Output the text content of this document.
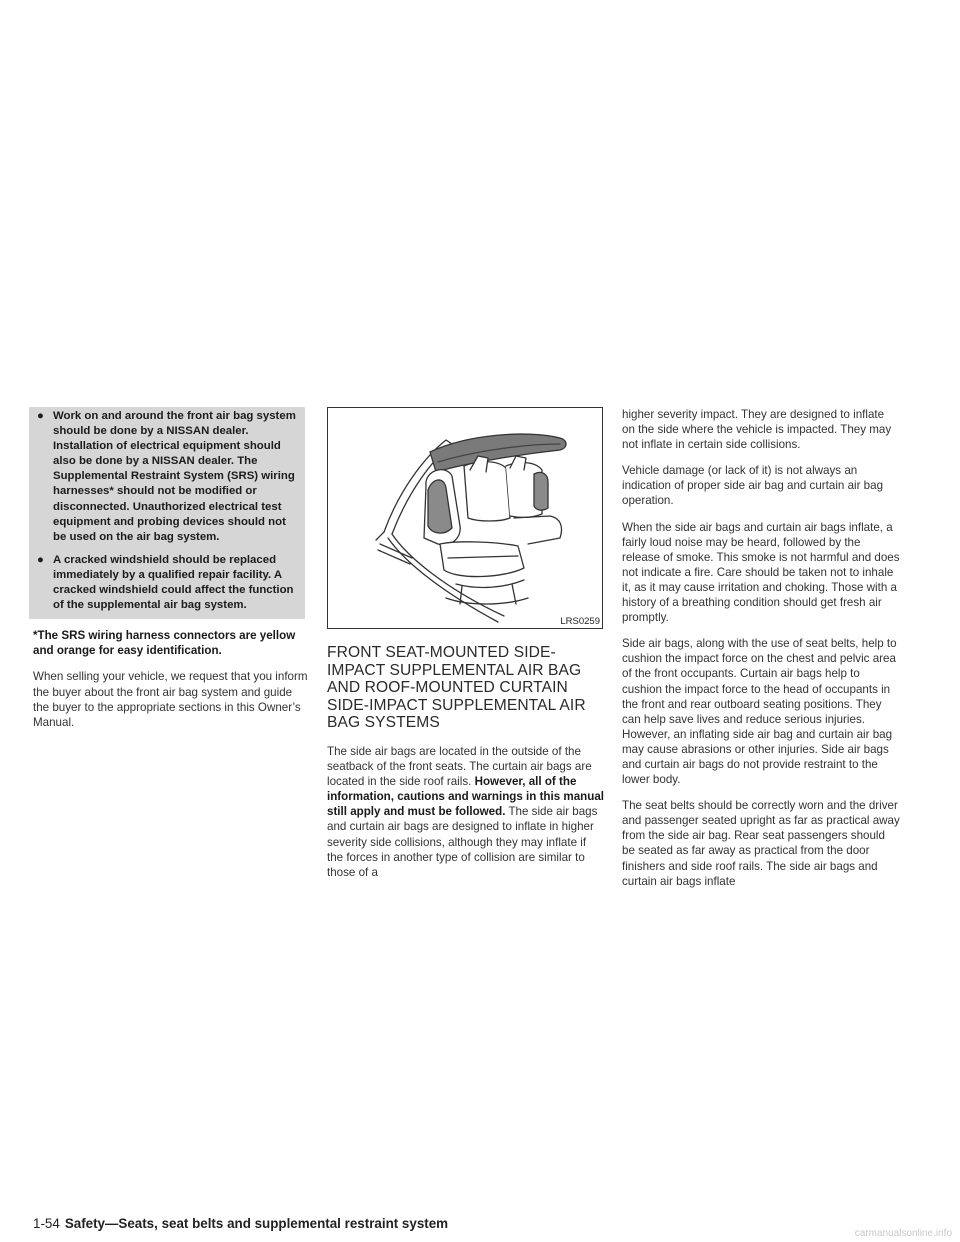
● Work on and around the front air bag system should be done by a NISSAN dealer. Installation of electrical equipment should also be done by a NISSAN dealer. The Supplemental Restraint System (SRS) wiring harnesses* should not be modified or disconnected. Unauthorized electrical test equipment and probing devices should not be used on the air bag system.
● A cracked windshield should be replaced immediately by a qualified repair facility. A cracked windshield could affect the function of the supplemental air bag system.

*The SRS wiring harness connectors are yellow and orange for easy identification.

When selling your vehicle, we request that you inform the buyer about the front air bag system and guide the buyer to the appropriate sections in this Owner’s Manual.

LRS0259
FRONT SEAT-MOUNTED SIDE-IMPACT SUPPLEMENTAL AIR BAG AND ROOF-MOUNTED CURTAIN SIDE-IMPACT SUPPLEMENTAL AIR BAG SYSTEMS

The side air bags are located in the outside of the seatback of the front seats. The curtain air bags are located in the side roof rails. However, all of the information, cautions and warnings in this manual still apply and must be followed. The side air bags and curtain air bags are designed to inflate in higher severity side collisions, although they may inflate if the forces in another type of collision are similar to those of a

higher severity impact. They are designed to inflate on the side where the vehicle is impacted. They may not inflate in certain side collisions.

Vehicle damage (or lack of it) is not always an indication of proper side air bag and curtain air bag operation.

When the side air bags and curtain air bags inflate, a fairly loud noise may be heard, followed by the release of smoke. This smoke is not harmful and does not indicate a fire. Care should be taken not to inhale it, as it may cause irritation and choking. Those with a history of a breathing condition should get fresh air promptly.

Side air bags, along with the use of seat belts, help to cushion the impact force on the chest and pelvic area of the front occupants. Curtain air bags help to cushion the impact force to the head of occupants in the front and rear outboard seating positions. They can help save lives and reduce serious injuries. However, an inflating side air bag and curtain air bag may cause abrasions or other injuries. Side air bags and curtain air bags do not provide restraint to the lower body.

The seat belts should be correctly worn and the driver and passenger seated upright as far as practical away from the side air bag. Rear seat passengers should be seated as far away as practical from the door finishers and side roof rails. The side air bags and curtain air bags inflate

1-54 Safety—Seats, seat belts and supplemental restraint system
carmanualsonline.info
